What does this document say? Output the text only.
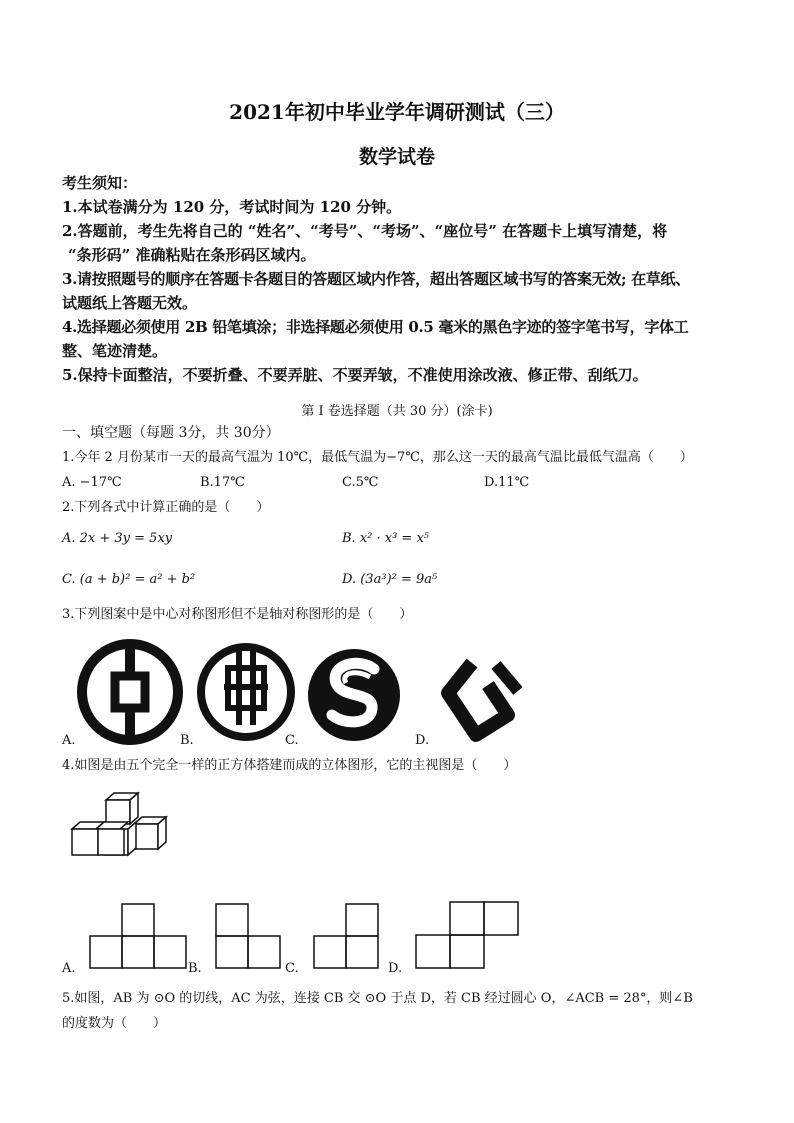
2021年初中毕业学年调研测试（三）
数学试卷
考生须知：
1.本试卷满分为 120 分，考试时间为 120 分钟。
2.答题前，考生先将自己的 “姓名”、“考号”、“考场”、“座位号” 在答题卡上填写清楚，将
“条形码” 准确粘贴在条形码区域内。
3.请按照题号的顺序在答题卡各题目的答题区域内作答，超出答题区域书写的答案无效; 在草纸、
试题纸上答题无效。
4.选择题必须使用 2B 铅笔填涂；非选择题必须使用 0.5 毫米的黑色字迹的签字笔书写，字体工
整、笔迹清楚。
5.保持卡面整洁，不要折叠、不要弄脏、不要弄皱，不准使用涂改液、修正带、刮纸刀。
第 I 卷选择题（共 30 分）(涂卡)
一、填空题（每题 3分，共 30分）
1.今年 2 月份某市一天的最高气温为 10℃，最低气温为−7℃，那么这一天的最高气温比最低气温高（　　）
A. −17℃	B.17℃	C.5℃	D.11℃
2.下列各式中计算正确的是（　　）
A. 2x + 3y = 5xy	B. x² · x³ = x⁵
C. (a + b)² = a² + b²	D. (3a³)² = 9a⁵
3.下列图案中是中心对称图形但不是轴对称图形的是（　　）
A.	B.	C.	D.
4.如图是由五个完全一样的正方体搭建而成的立体图形，它的主视图是（　　）
A.	B.	C.	D.
5.如图，AB 为 ⊙O 的切线，AC 为弦，连接 CB 交 ⊙O 于点 D，若 CB 经过圆心 O，∠ACB = 28°，则∠B
的度数为（　　）
